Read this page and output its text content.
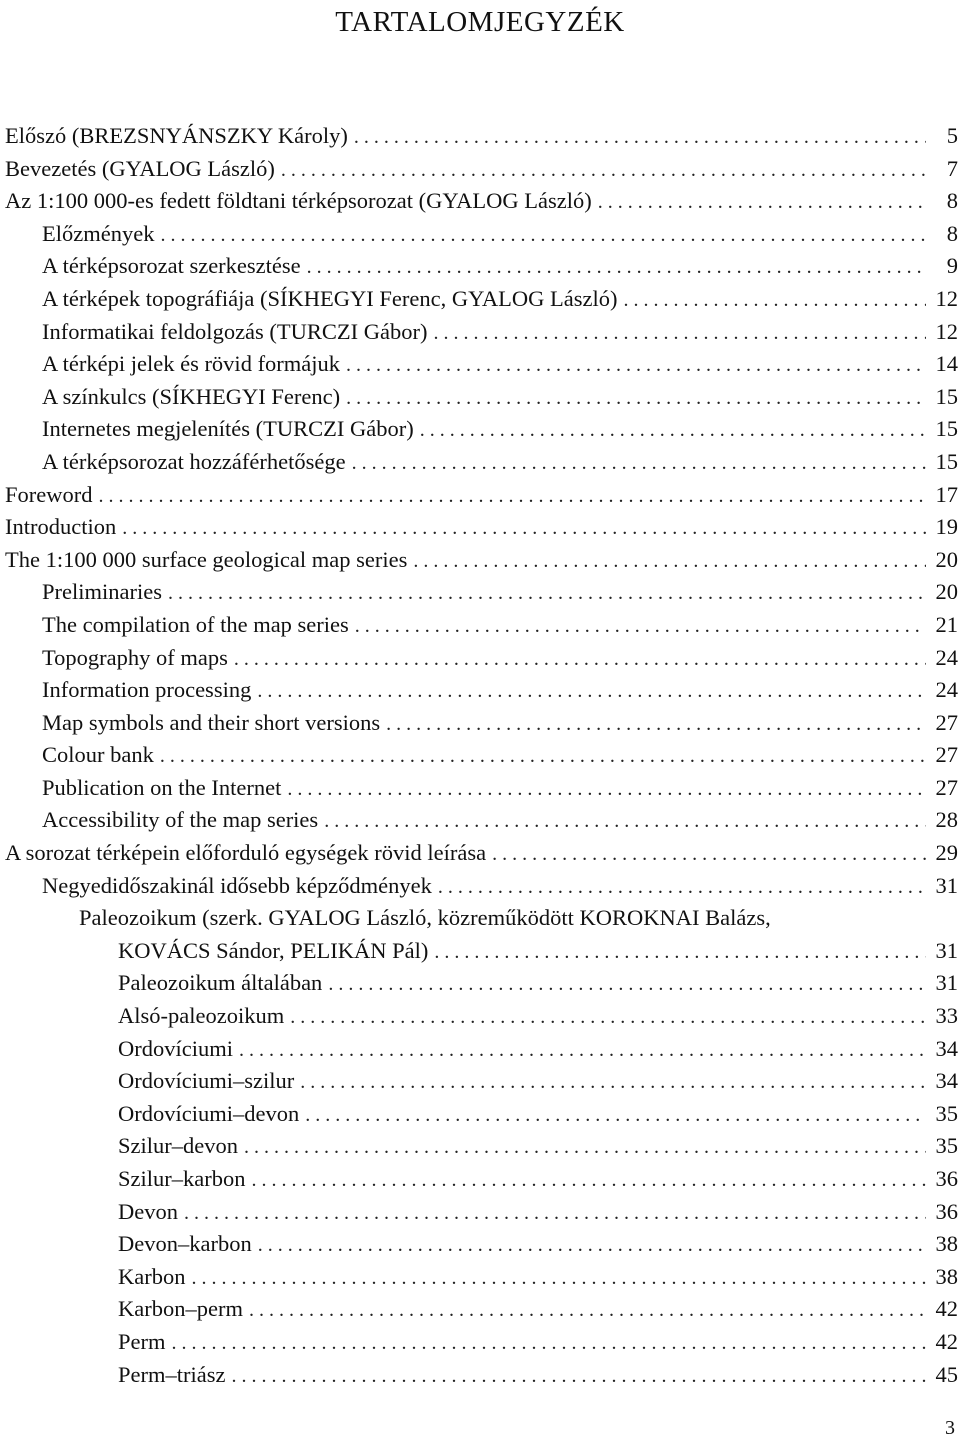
TARTALOMJEGYZÉK
Előszó (BREZSNYÁNSZKY Károly) . . .	5
Bevezetés (GYALOG László) . . .	7
Az 1:100 000-es fedett földtani térképsorozat (GYALOG László) . . .	8
Előzmények . . .	8
A térképsorozat szerkesztése . . .	9
A térképek topográfiája (SÍKHEGYI Ferenc, GYALOG László) . . .	12
Informatikai feldolgozás (TURCZI Gábor) . . .	12
A térképi jelek és rövid formájuk . . .	14
A színkulcs (SÍKHEGYI Ferenc) . . .	15
Internetes megjelenítés (TURCZI Gábor) . . .	15
A térképsorozat hozzáférhetősége . . .	15
Foreword . . .	17
Introduction . . .	19
The 1:100 000 surface geological map series . . .	20
Preliminaries . . .	20
The compilation of the map series . . .	21
Topography of maps . . .	24
Information processing . . .	24
Map symbols and their short versions . . .	27
Colour bank . . .	27
Publication on the Internet . . .	27
Accessibility of the map series . . .	28
A sorozat térképein előforduló egységek rövid leírása . . .	29
Negyedidőszakinál idősebb képződmények . . .	31
Paleozoikum (szerk. GYALOG László, közreműködött KOROKNAI Balázs,
KOVÁCS Sándor, PELIKÁN Pál) . . .	31
Paleozoikum általában . . .	31
Alsó-paleozoikum . . .	33
Ordovíciumi . . .	34
Ordovíciumi–szilur . . .	34
Ordovíciumi–devon . . .	35
Szilur–devon . . .	35
Szilur–karbon . . .	36
Devon . . .	36
Devon–karbon . . .	38
Karbon . . .	38
Karbon–perm . . .	42
Perm . . .	42
Perm–triász . . .	45
3
